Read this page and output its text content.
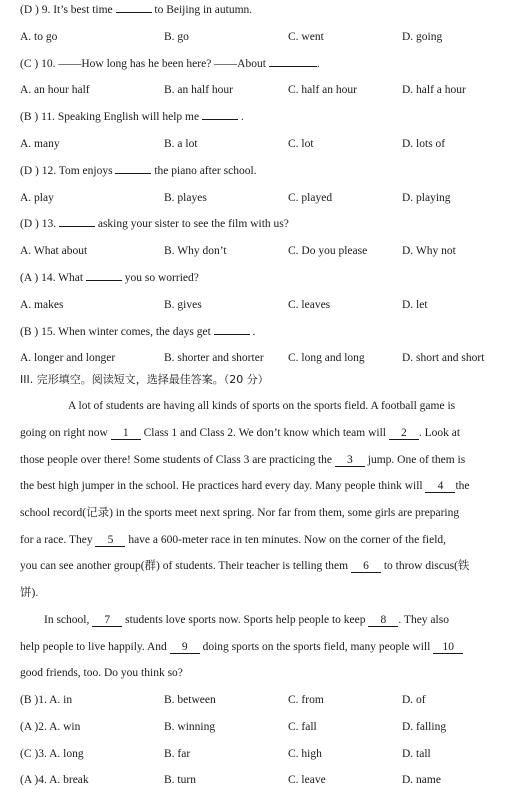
(D ) 9. It’s best time	to Beijing in autumn.
A. to go	B. go	C. went	D. going
(C ) 10. ——How long has he been here? ——About	.
A. an hour half	B. an half hour	C. half an hour	D. half a hour
(B ) 11. Speaking English will help me	.
A. many	B. a lot	C. lot	D. lots of
(D ) 12. Tom enjoys	the piano after school.
A. play	B. playes	C. played	D. playing
(D ) 13.	asking your sister to see the film with us?
A. What about	B. Why don’t	C. Do you please	D. Why not
(A ) 14. What	you so worried?
A. makes	B. gives	C. leaves	D. let
(B ) 15. When winter comes, the days get	.
A. longer and longer	B. shorter and shorter C. long and long	D. short and short
III. 完形填空。阅读短文，选择最佳答案。（20 分）
A lot of students are having all kinds of sports on the sports field. A football game is
going on right now 1 Class 1 and Class 2. We don’t know which team will 2 . Look at
those people over there! Some students of Class 3 are practicing the 3 jump. One of them is
the best high jumper in the school. He practices hard every day. Many people think will 4 the
school record(记录) in the sports meet next spring. Nor far from them, some girls are preparing
for a race. They 5 have a 600-meter race in ten minutes. Now on the corner of the field,
you can see another group(群) of students. Their teacher is telling them 6 to throw discus(铁
饼).
In school, 7 students love sports now. Sports help people to keep 8 . They also
help people to live happily. And 9 doing sports on the sports field, many people will 10
good friends, too. Do you think so?
(B )1. A. in	B. between	C. from	D. of
(A )2. A. win	B. winning	C. fall	D. falling
(C )3. A. long	B. far	C. high	D. tall
(A )4. A. break	B. turn	C. leave	D. name
